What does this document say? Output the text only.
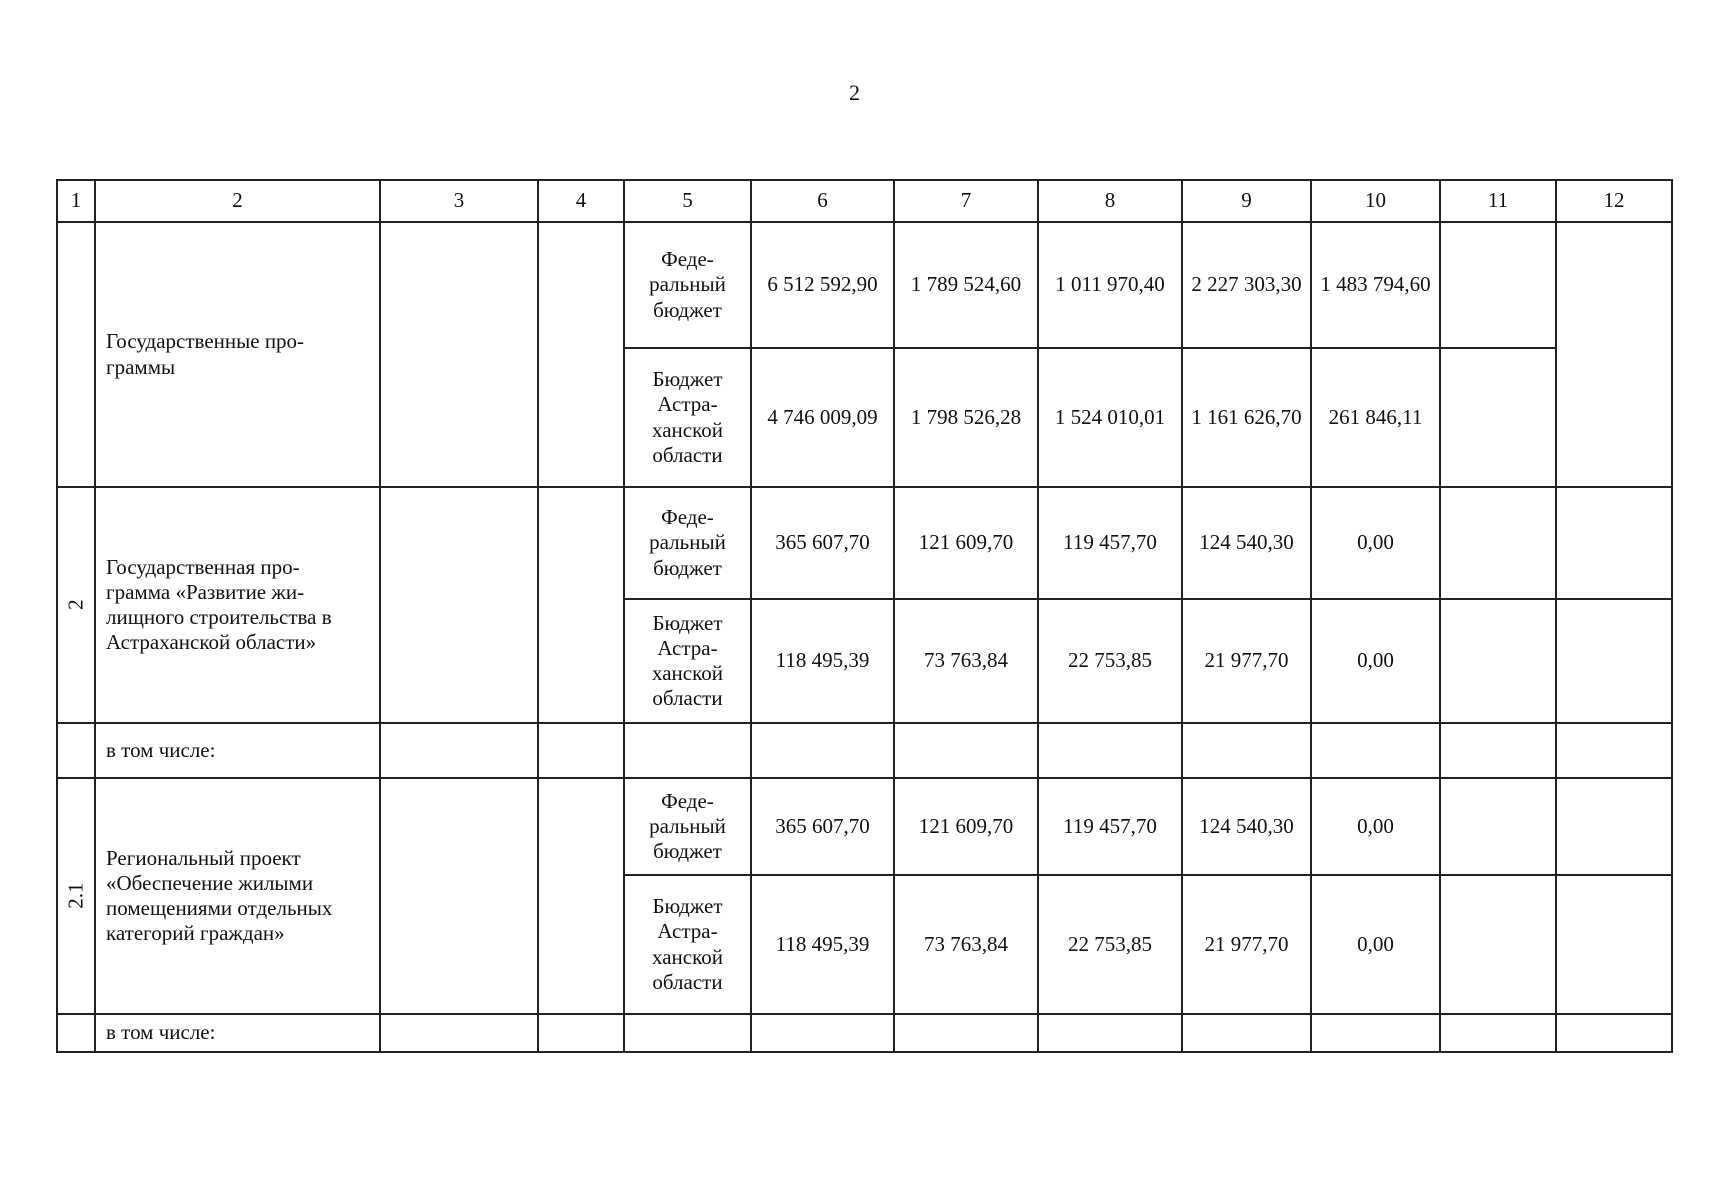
2
1	2	3	4	5	6	7	8	9	10	11	12
	Государственные про-
граммы			Феде-
ральный
бюджет	6 512 592,90	1 789 524,60	1 011 970,40	2 227 303,30	1 483 794,60		
				Бюджет
Астра-
ханской
области	4 746 009,09	1 798 526,28	1 524 010,01	1 161 626,70	261 846,11		
2	Государственная про-
грамма «Развитие жи-
лищного строительства в
Астраханской области»			Феде-
ральный
бюджет	365 607,70	121 609,70	119 457,70	124 540,30	0,00		
				Бюджет
Астра-
ханской
области	118 495,39	73 763,84	22 753,85	21 977,70	0,00		
	в том числе:										
2.1	Региональный проект
«Обеспечение жилыми
помещениями отдельных
категорий граждан»			Феде-
ральный
бюджет	365 607,70	121 609,70	119 457,70	124 540,30	0,00		
				Бюджет
Астра-
ханской
области	118 495,39	73 763,84	22 753,85	21 977,70	0,00		
	в том числе:										
